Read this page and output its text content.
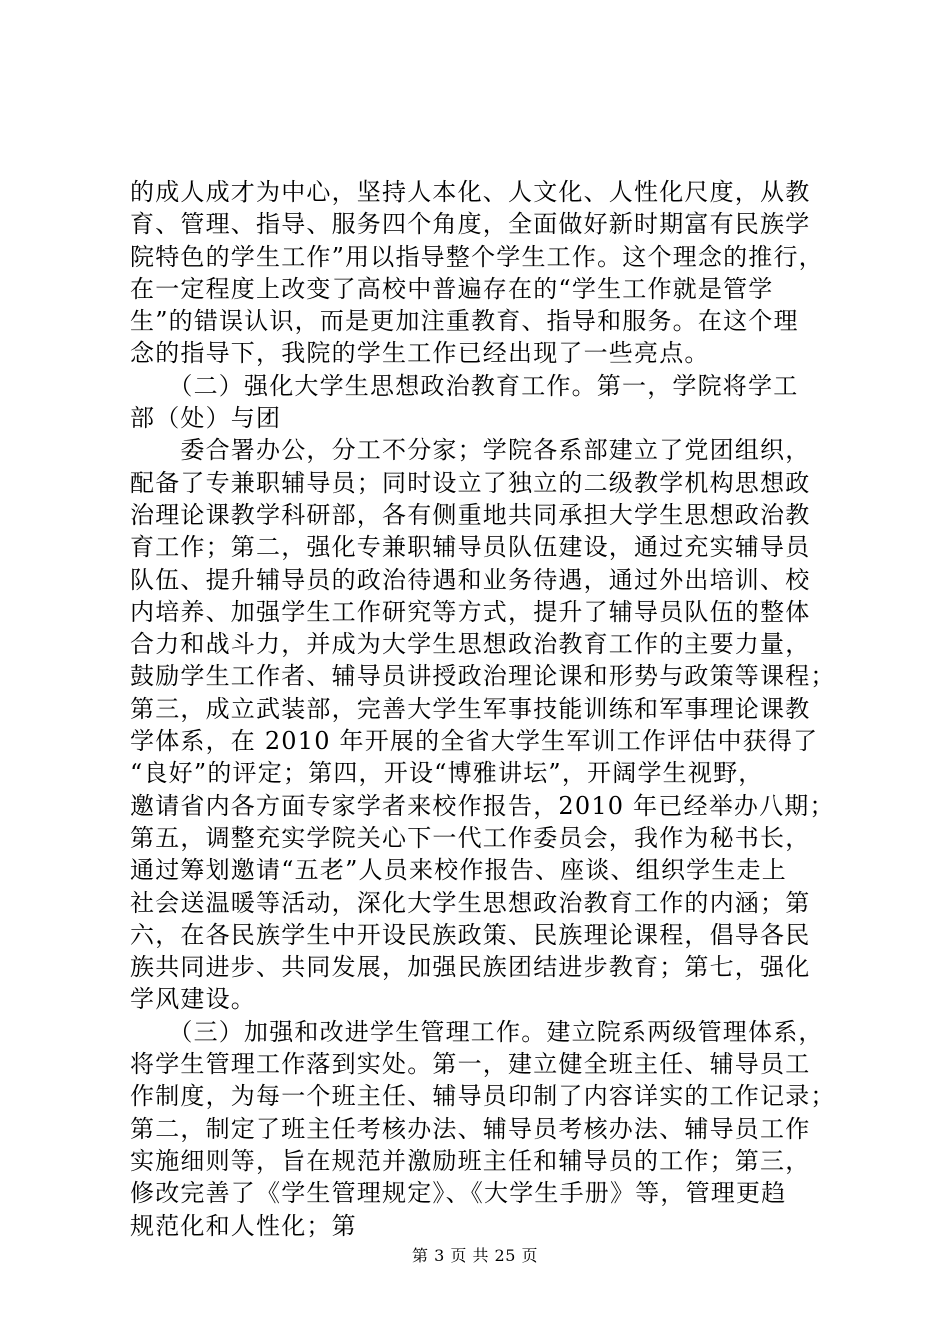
的成人成才为中心，坚持人本化、人文化、人性化尺度，从教
育、管理、指导、服务四个角度，全面做好新时期富有民族学
院特色的学生工作”用以指导整个学生工作。这个理念的推行，
在一定程度上改变了高校中普遍存在的“学生工作就是管学
生”的错误认识，而是更加注重教育、指导和服务。在这个理
念的指导下，我院的学生工作已经出现了一些亮点。
　　（二）强化大学生思想政治教育工作。第一，学院将学工
部（处）与团
　　委合署办公，分工不分家；学院各系部建立了党团组织，
配备了专兼职辅导员；同时设立了独立的二级教学机构思想政
治理论课教学科研部，各有侧重地共同承担大学生思想政治教
育工作；第二，强化专兼职辅导员队伍建设，通过充实辅导员
队伍、提升辅导员的政治待遇和业务待遇，通过外出培训、校
内培养、加强学生工作研究等方式，提升了辅导员队伍的整体
合力和战斗力，并成为大学生思想政治教育工作的主要力量，
鼓励学生工作者、辅导员讲授政治理论课和形势与政策等课程；
第三，成立武装部，完善大学生军事技能训练和军事理论课教
学体系，在 2010 年开展的全省大学生军训工作评估中获得了
“良好”的评定；第四，开设“博雅讲坛”，开阔学生视野，
邀请省内各方面专家学者来校作报告，2010 年已经举办八期；
第五，调整充实学院关心下一代工作委员会，我作为秘书长，
通过筹划邀请“五老”人员来校作报告、座谈、组织学生走上
社会送温暖等活动，深化大学生思想政治教育工作的内涵；第
六，在各民族学生中开设民族政策、民族理论课程，倡导各民
族共同进步、共同发展，加强民族团结进步教育；第七，强化
学风建设。
　　（三）加强和改进学生管理工作。建立院系两级管理体系，
将学生管理工作落到实处。第一，建立健全班主任、辅导员工
作制度，为每一个班主任、辅导员印制了内容详实的工作记录；
第二，制定了班主任考核办法、辅导员考核办法、辅导员工作
实施细则等，旨在规范并激励班主任和辅导员的工作；第三，
修改完善了《学生管理规定》、《大学生手册》等，管理更趋
规范化和人性化；第
第 3 页 共 25 页
